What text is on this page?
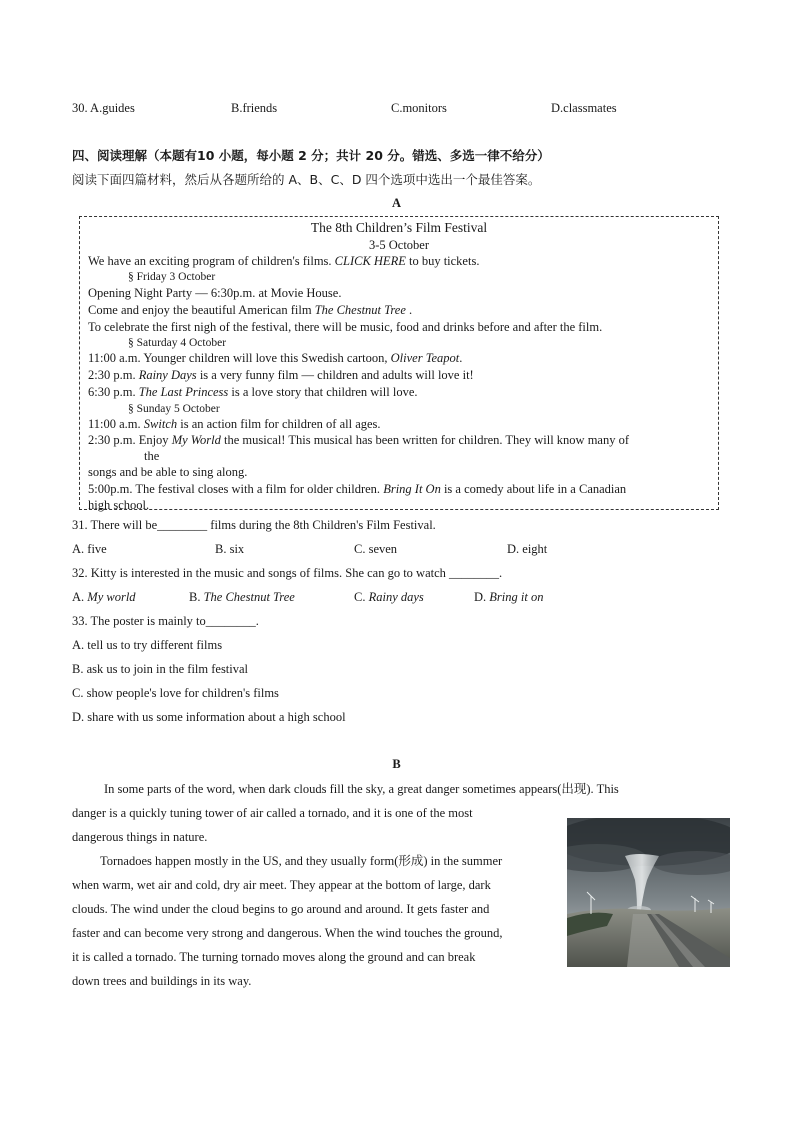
30. A.guides	B.friends	C.monitors	D.classmates
四、阅读理解（本题有10 小题，每小题 2 分；共计 20 分。错选、多选一律不给分）
阅读下面四篇材料，然后从各题所给的 A、B、C、D 四个选项中选出一个最佳答案。
A
The 8th Children’s Film Festival
3-5 October
We have an exciting program of children's films. CLICK HERE to buy tickets.
§ Friday 3 October
Opening Night Party — 6:30p.m. at Movie House.
Come and enjoy the beautiful American film The Chestnut Tree .
To celebrate the first nigh of the festival, there will be music, food and drinks before and after the film.
§ Saturday 4 October
11:00 a.m. Younger children will love this Swedish cartoon, Oliver Teapot.
2:30 p.m. Rainy Days is a very funny film — children and adults will love it!
6:30 p.m. The Last Princess is a love story that children will love.
§ Sunday 5 October
11:00 a.m. Switch is an action film for children of all ages.
2:30 p.m. Enjoy My World the musical! This musical has been written for children. They will know many of
the
songs and be able to sing along.
5:00p.m. The festival closes with a film for older children. Bring It On is a comedy about life in a Canadian
high school.
31. There will be________ films during the 8th Children's Film Festival.
A. five	B. six	C. seven	D. eight
32. Kitty is interested in the music and songs of films. She can go to watch ________.
A. My world	B. The Chestnut Tree	C. Rainy days	D. Bring it on
33. The poster is mainly to________.
A. tell us to try different films
B. ask us to join in the film festival
C. show people's love for children's films
D. share with us some information about a high school
B
In some parts of the word, when dark clouds fill the sky, a great danger sometimes appears(出现). This
danger is a quickly tuning tower of air called a tornado, and it is one of the most
dangerous things in nature.
Tornadoes happen mostly in the US, and they usually form(形成) in the summer
when warm, wet air and cold, dry air meet. They appear at the bottom of large, dark
clouds. The wind under the cloud begins to go around and around. It gets faster and
faster and can become very strong and dangerous. When the wind touches the ground,
it is called a tornado. The turning tornado moves along the ground and can break
down trees and buildings in its way.
